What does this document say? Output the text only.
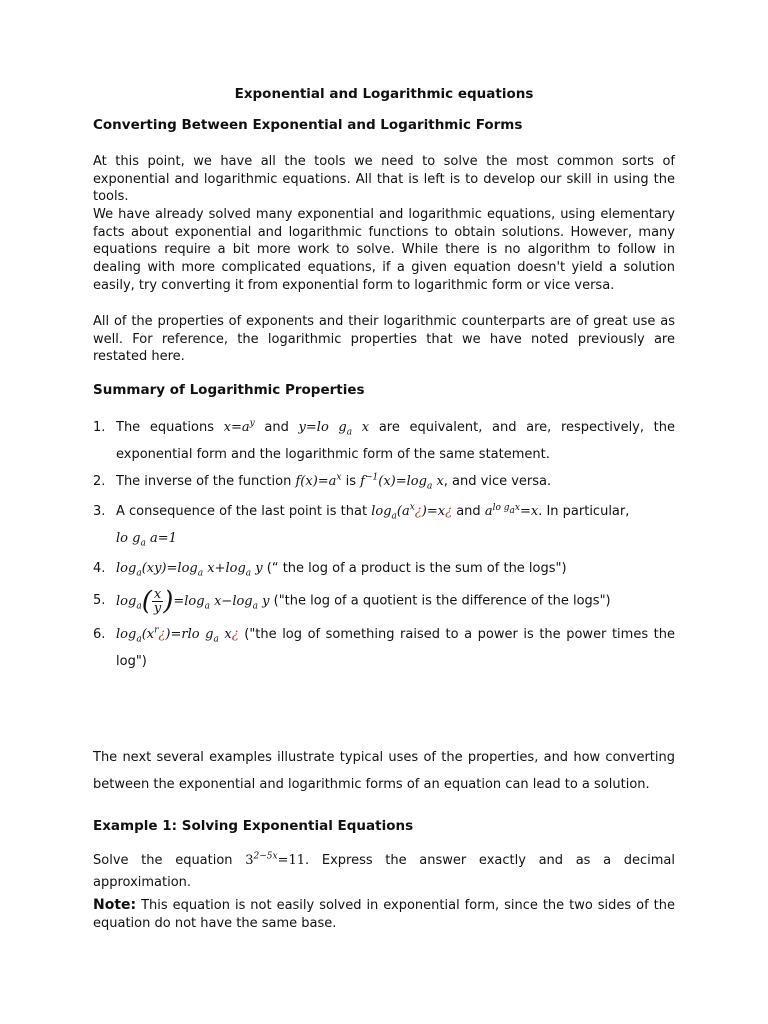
Exponential and Logarithmic equations
Converting Between Exponential and Logarithmic Forms

At this point, we have all the tools we need to solve the most common sorts of exponential and logarithmic equations. All that is left is to develop our skill in using the tools.

We have already solved many exponential and logarithmic equations, using elementary facts about exponential and logarithmic functions to obtain solutions. However, many equations require a bit more work to solve. While there is no algorithm to follow in dealing with more complicated equations, if a given equation doesn't yield a solution easily, try converting it from exponential form to logarithmic form or vice versa.

All of the properties of exponents and their logarithmic counterparts are of great use as well. For reference, the logarithmic properties that we have noted previously are restated here.

Summary of Logarithmic Properties
1. The equations $x=a^y$ and y=lo $g_a$ x are equivalent, and are, respectively, the exponential form and the logarithmic form of the same statement.
2. The inverse of the function $f(x)=a^x$ is $f^{-1}(x)=\log_a$ x, and vice versa.
3. A consequence of the last point is that $\log_a(a^x¿)=x¿$ and $a^{lo g_ax}=x$. In particular,
lo $g_a$ a=1
4. $\log_a(xy)=\log_a$ $x+\log_a$ y (“ the log of a product is the sum of the logs")
5. $\log_a( \frac{x}{y} )=\log_a$ $x-\log_a$ y ("the log of a quotient is the difference of the logs")
6. $\log_a(x^r¿)=rlo$ $g_a$ x¿ ("the log of something raised to a power is the power times the log")

The next several examples illustrate typical uses of the properties, and how converting between the exponential and logarithmic forms of an equation can lead to a solution.

Example 1: Solving Exponential Equations
Solve the equation $3^{2-5x}=11$. Express the answer exactly and as a decimal approximation.

Note: This equation is not easily solved in exponential form, since the two sides of the equation do not have the same base.
